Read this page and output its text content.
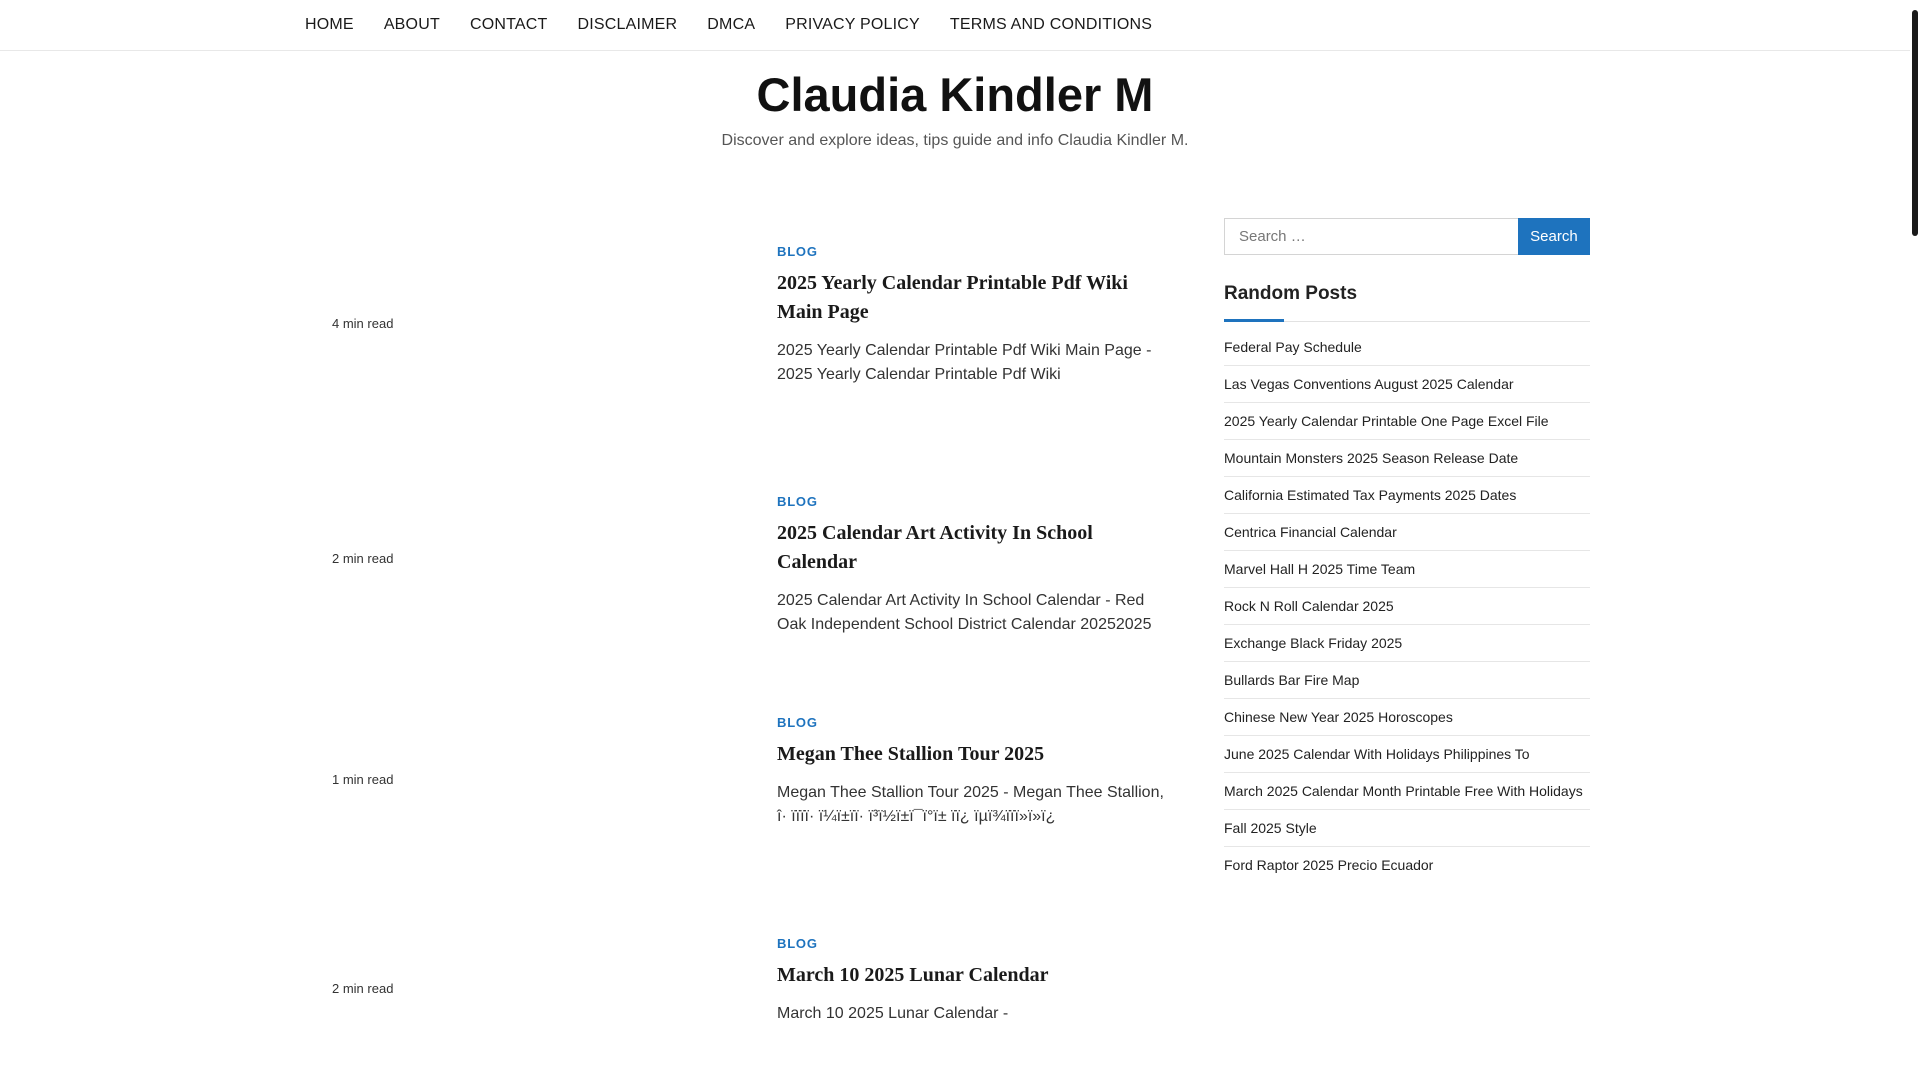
HOME ABOUT CONTACT DISCLAIMER DMCA PRIVACY POLICY TERMS AND CONDITIONS
Claudia Kindler M

Discover and explore ideas, tips guide and info Claudia Kindler M.

4 min read

BLOG

2025 Yearly Calendar Printable Pdf Wiki Main Page

2025 Yearly Calendar Printable Pdf Wiki Main Page - 2025 Yearly Calendar Printable Pdf Wiki

2 min read

BLOG

2025 Calendar Art Activity In School Calendar

2025 Calendar Art Activity In School Calendar - Red Oak Independent School District Calendar 20252025

1 min read

BLOG

Megan Thee Stallion Tour 2025

Megan Thee Stallion Tour 2025 - Megan Thee Stallion, î· ïïïï· ï¼ï±ïï· ï³ï½ï±ï¯ï°ï± ïï¿ ïµï¾ïïï»ï»ï¿

2 min read

BLOG

March 10 2025 Lunar Calendar

March 10 2025 Lunar Calendar -

Search …	Search
Random Posts
Federal Pay Schedule
Las Vegas Conventions August 2025 Calendar
2025 Yearly Calendar Printable One Page Excel File
Mountain Monsters 2025 Season Release Date
California Estimated Tax Payments 2025 Dates
Centrica Financial Calendar
Marvel Hall H 2025 Time Team
Rock N Roll Calendar 2025
Exchange Black Friday 2025
Bullards Bar Fire Map
Chinese New Year 2025 Horoscopes
June 2025 Calendar With Holidays Philippines To
March 2025 Calendar Month Printable Free With Holidays
Fall 2025 Style
Ford Raptor 2025 Precio Ecuador
